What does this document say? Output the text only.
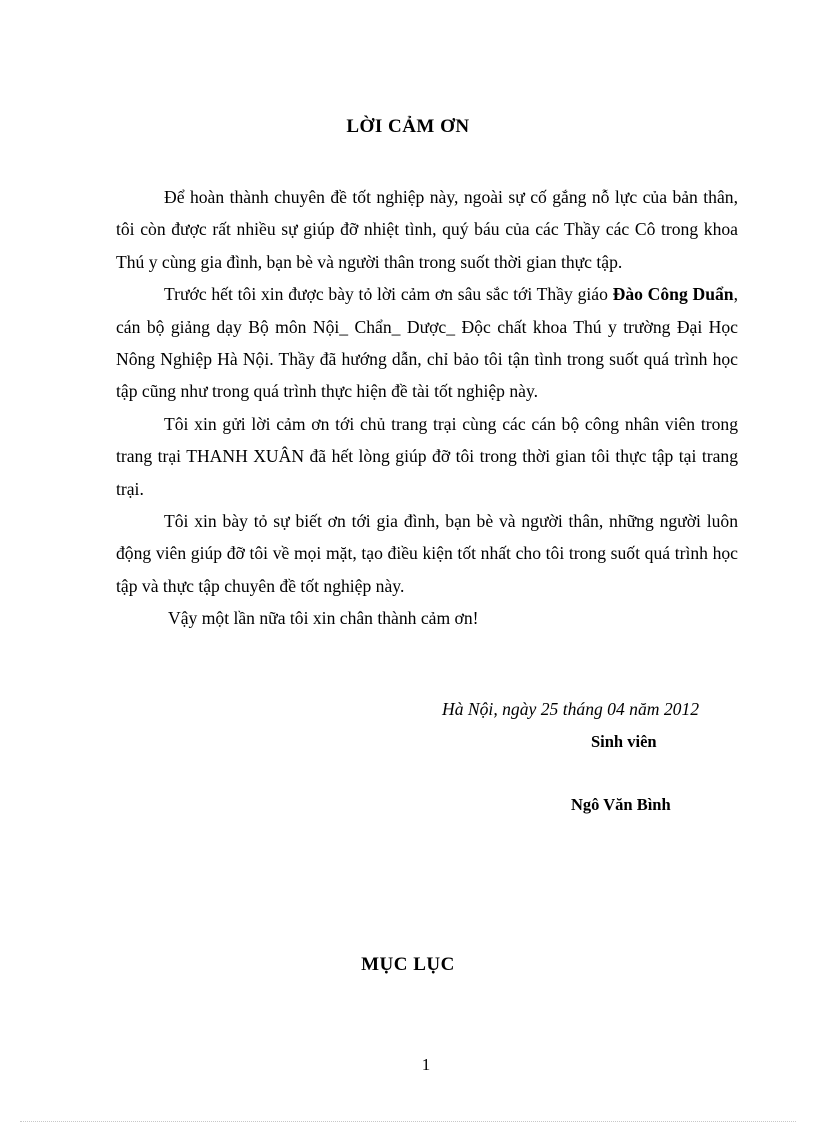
LỜI CẢM ƠN

Để hoàn thành chuyên đề tốt nghiệp này, ngoài sự cố gắng nỗ lực của bản thân, tôi còn được rất nhiều sự giúp đỡ nhiệt tình, quý báu của các Thầy các Cô trong khoa Thú y cùng gia đình, bạn bè và người thân trong suốt thời gian thực tập.

Trước hết tôi xin được bày tỏ lời cảm ơn sâu sắc tới Thầy giáo Đào Công Duẩn, cán bộ giảng dạy Bộ môn Nội_ Chẩn_ Dược_ Độc chất khoa Thú y trường Đại Học Nông Nghiệp Hà Nội. Thầy đã hướng dẫn, chỉ bảo tôi tận tình trong suốt quá trình học tập cũng như trong quá trình thực hiện đề tài tốt nghiệp này.

Tôi xin gửi lời cảm ơn tới chủ trang trại cùng các cán bộ công nhân viên trong trang trại THANH XUÂN đã hết lòng giúp đỡ tôi trong thời gian tôi thực tập tại trang trại.

Tôi xin bày tỏ sự biết ơn tới gia đình, bạn bè và người thân, những người luôn động viên giúp đỡ tôi về mọi mặt, tạo điều kiện tốt nhất cho tôi trong suốt quá trình học tập và thực tập chuyên đề tốt nghiệp này.

Vậy một lần nữa tôi xin chân thành cảm ơn!

Hà Nội, ngày 25 tháng 04 năm 2012
Sinh viên
Ngô Văn Bình
MỤC LỤC
1
